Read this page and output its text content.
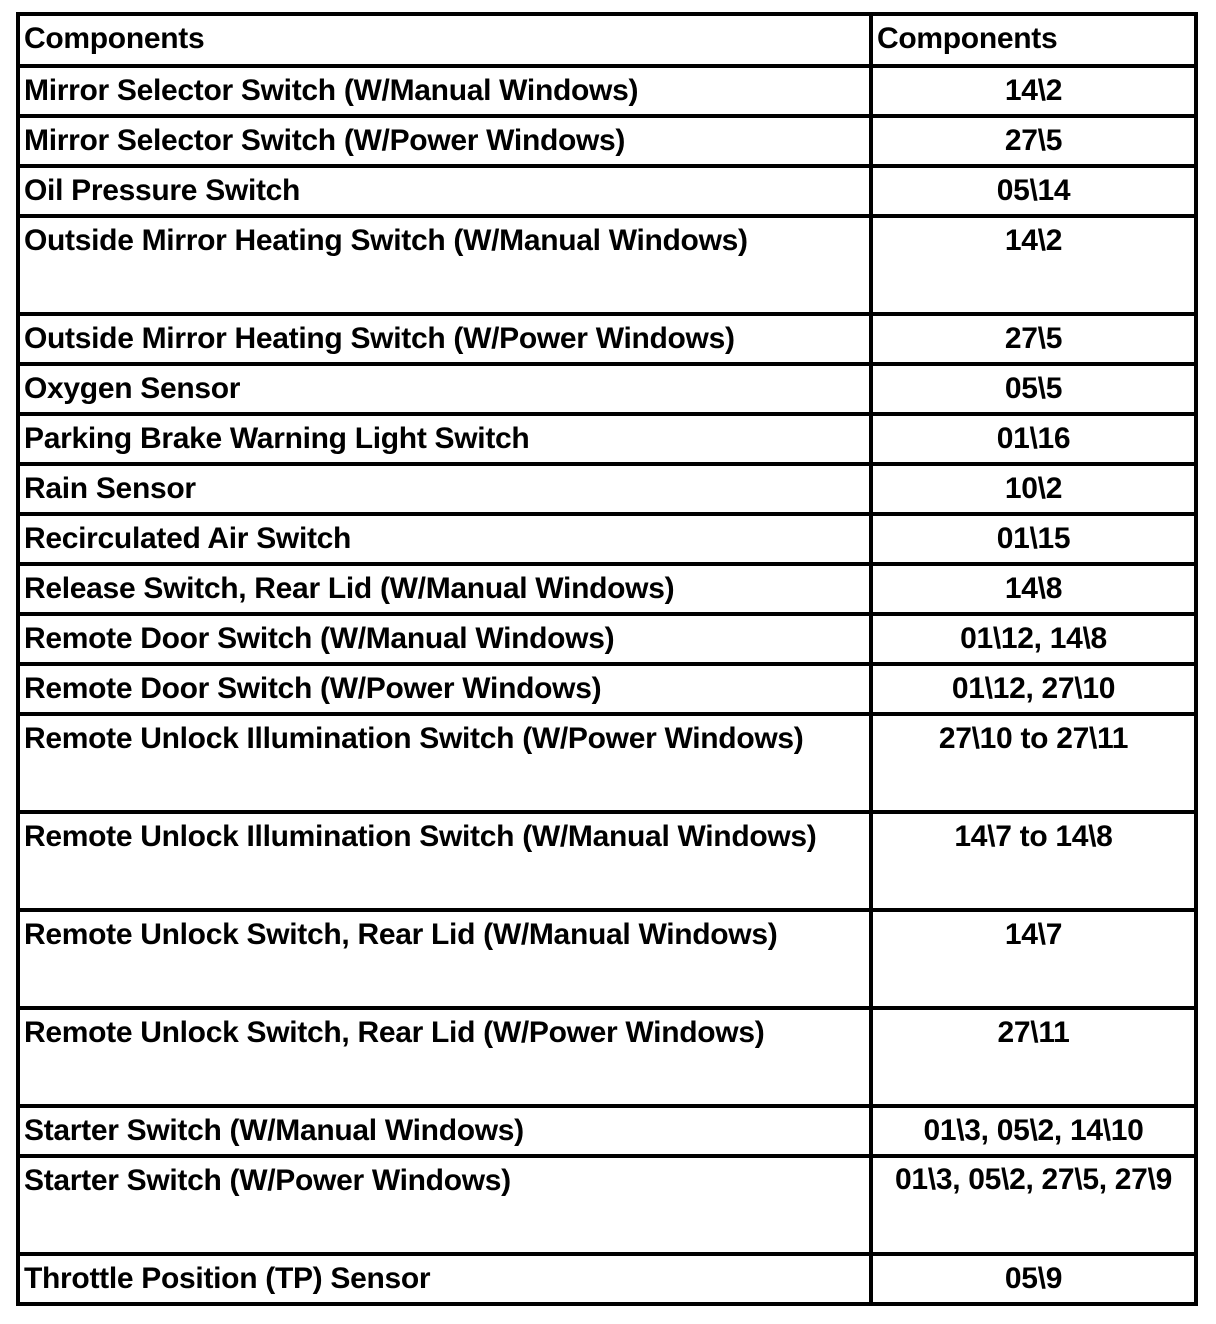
Components	Components
Mirror Selector Switch (W/Manual Windows)	14\2
Mirror Selector Switch (W/Power Windows)	27\5
Oil Pressure Switch	05\14
Outside Mirror Heating Switch (W/Manual Windows)	14\2
Outside Mirror Heating Switch (W/Power Windows)	27\5
Oxygen Sensor	05\5
Parking Brake Warning Light Switch	01\16
Rain Sensor	10\2
Recirculated Air Switch	01\15
Release Switch, Rear Lid (W/Manual Windows)	14\8
Remote Door Switch (W/Manual Windows)	01\12, 14\8
Remote Door Switch (W/Power Windows)	01\12, 27\10
Remote Unlock Illumination Switch (W/Power Windows)	27\10 to 27\11
Remote Unlock Illumination Switch (W/Manual Windows)	14\7 to 14\8
Remote Unlock Switch, Rear Lid (W/Manual Windows)	14\7
Remote Unlock Switch, Rear Lid (W/Power Windows)	27\11
Starter Switch (W/Manual Windows)	01\3, 05\2, 14\10
Starter Switch (W/Power Windows)	01\3, 05\2, 27\5, 27\9
Throttle Position (TP) Sensor	05\9
